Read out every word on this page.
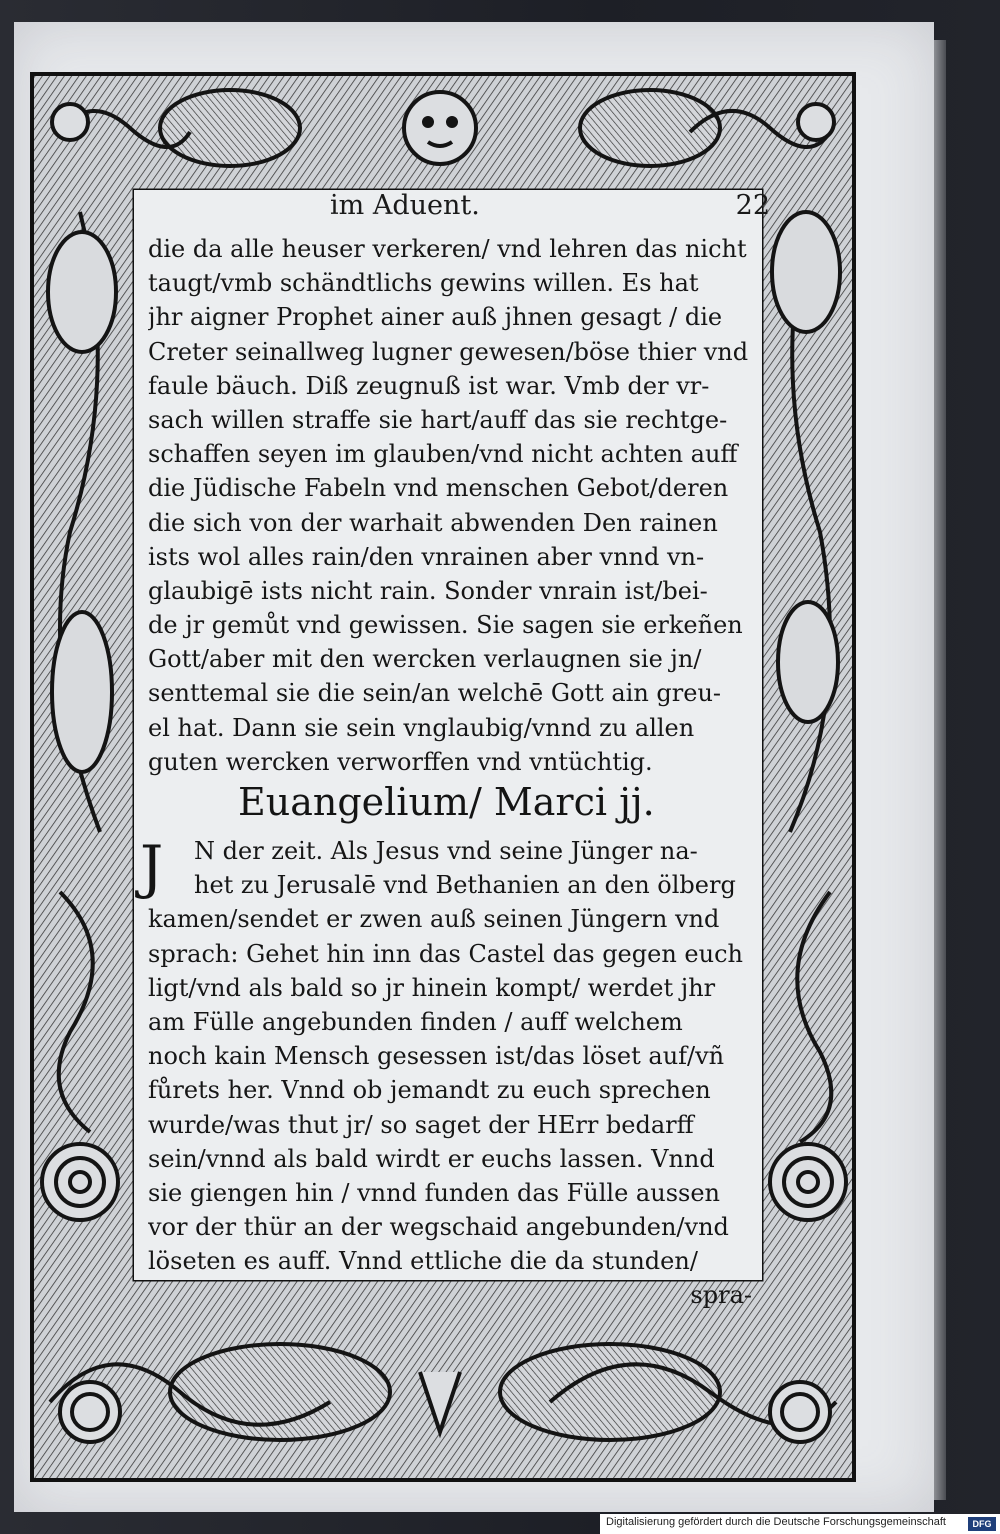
im Aduent.	22
die da alle heuser verkeren/ vnd lehren das nicht
taugt/vmb schändtlichs gewins willen. Es hat
jhr aigner Prophet ainer auß jhnen gesagt / die
Creter seinallweg lugner gewesen/böse thier vnd
faule bäuch. Diß zeugnuß ist war. Vmb der vr-
sach willen straffe sie hart/auff das sie rechtge-
schaffen seyen im glauben/vnd nicht achten auff
die Jüdische Fabeln vnd menschen Gebot/deren
die sich von der warhait abwenden Den rainen
ists wol alles rain/den vnrainen aber vnnd vn-
glaubigē ists nicht rain. Sonder vnrain ist/bei-
de jr gemůt vnd gewissen. Sie sagen sie erkeñen
Gott/aber mit den wercken verlaugnen sie jn/
senttemal sie die sein/an welchē Gott ain greu-
el hat. Dann sie sein vnglaubig/vnnd zu allen
guten wercken verworffen vnd vntüchtig.
Euangelium/ Marci jj.
J	N der zeit. Als Jesus vnd seine Jünger na-
het zu Jerusalē vnd Bethanien an den ölberg
kamen/sendet er zwen auß seinen Jüngern vnd
sprach: Gehet hin inn das Castel das gegen euch
ligt/vnd als bald so jr hinein kompt/ werdet jhr
am Fülle angebunden finden / auff welchem
noch kain Mensch gesessen ist/das löset auf/vñ
fůrets her. Vnnd ob jemandt zu euch sprechen
wurde/was thut jr/ so saget der HErr bedarff
sein/vnnd als bald wirdt er euchs lassen. Vnnd
sie giengen hin / vnnd funden das Fülle aussen
vor der thür an der wegschaid angebunden/vnd
löseten es auff. Vnnd ettliche die da stunden/
spra-
Digitalisierung gefördert durch die Deutsche Forschungsgemeinschaft	DFG
